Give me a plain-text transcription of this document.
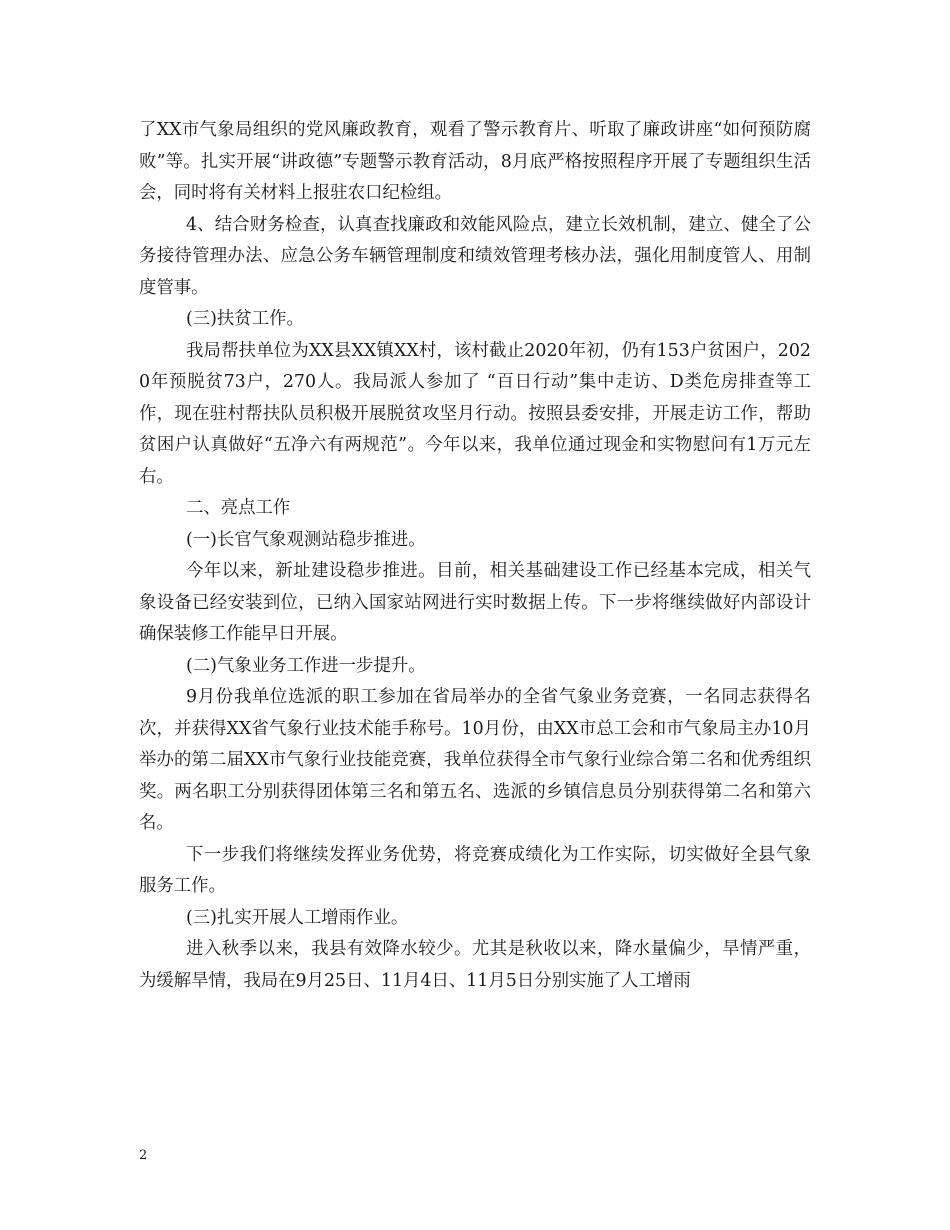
了XX市气象局组织的党风廉政教育，观看了警示教育片、听取了廉政讲座“如何预防腐败”等。扎实开展“讲政德”专题警示教育活动，8月底严格按照程序开展了专题组织生活会，同时将有关材料上报驻农口纪检组。

4、结合财务检查，认真查找廉政和效能风险点，建立长效机制，建立、健全了公务接待管理办法、应急公务车辆管理制度和绩效管理考核办法，强化用制度管人、用制度管事。

(三)扶贫工作。

我局帮扶单位为XX县XX镇XX村，该村截止2020年初，仍有153户贫困户，2020年预脱贫73户，270人。我局派人参加了 “百日行动”集中走访、D类危房排查等工作，现在驻村帮扶队员积极开展脱贫攻坚月行动。按照县委安排，开展走访工作，帮助贫困户认真做好“五净六有两规范”。今年以来，我单位通过现金和实物慰问有1万元左右。

二、亮点工作

(一)长官气象观测站稳步推进。

今年以来，新址建设稳步推进。目前，相关基础建设工作已经基本完成，相关气象设备已经安装到位，已纳入国家站网进行实时数据上传。下一步将继续做好内部设计确保装修工作能早日开展。

(二)气象业务工作进一步提升。

9月份我单位选派的职工参加在省局举办的全省气象业务竞赛，一名同志获得名次，并获得XX省气象行业技术能手称号。10月份，由XX市总工会和市气象局主办10月举办的第二届XX市气象行业技能竞赛，我单位获得全市气象行业综合第二名和优秀组织奖。两名职工分别获得团体第三名和第五名、选派的乡镇信息员分别获得第二名和第六名。

下一步我们将继续发挥业务优势，将竞赛成绩化为工作实际，切实做好全县气象服务工作。

(三)扎实开展人工增雨作业。

进入秋季以来，我县有效降水较少。尤其是秋收以来，降水量偏少，旱情严重，为缓解旱情，我局在9月25日、11月4日、11月5日分别实施了人工增雨

2
